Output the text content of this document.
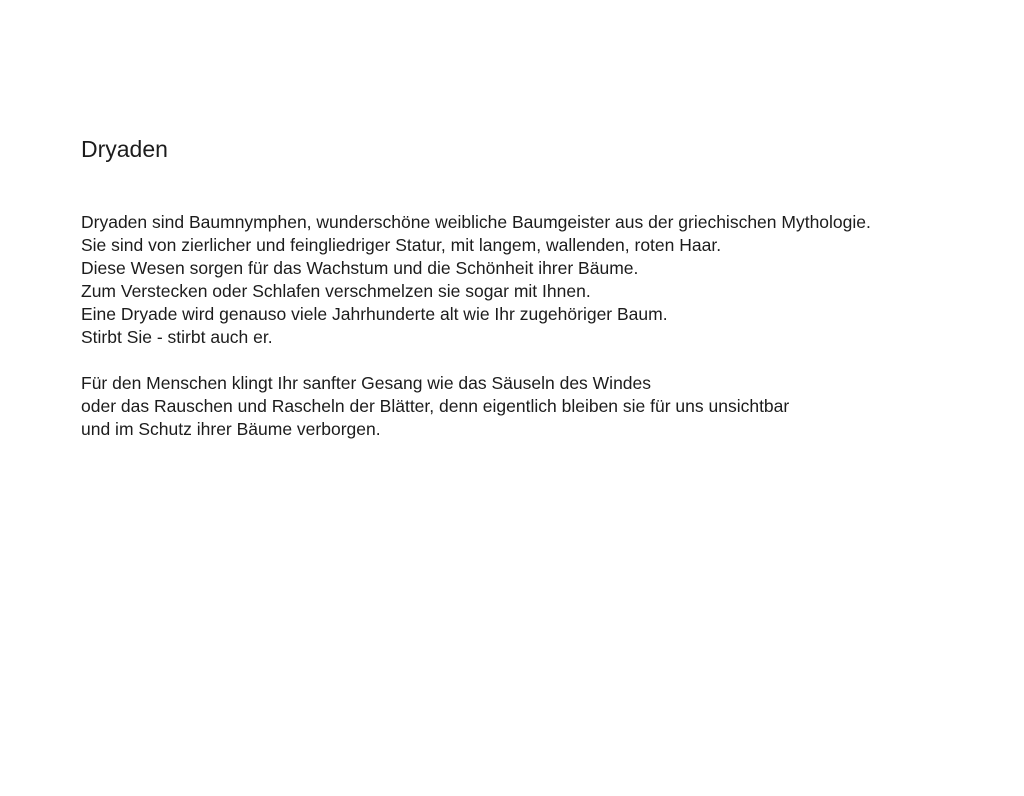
Dryaden
Dryaden sind Baumnymphen, wunderschöne weibliche Baumgeister aus der griechischen Mythologie.
Sie sind von zierlicher und feingliedriger Statur, mit langem, wallenden, roten Haar.
Diese Wesen sorgen für das Wachstum und die Schönheit ihrer Bäume.
Zum Verstecken oder Schlafen verschmelzen sie sogar mit Ihnen.
Eine Dryade wird genauso viele Jahrhunderte alt wie Ihr zugehöriger Baum.
Stirbt Sie - stirbt auch er.
Für den Menschen klingt Ihr sanfter Gesang wie das Säuseln des Windes
oder das Rauschen und Rascheln der Blätter, denn eigentlich bleiben sie für uns unsichtbar
und im Schutz ihrer Bäume verborgen.
